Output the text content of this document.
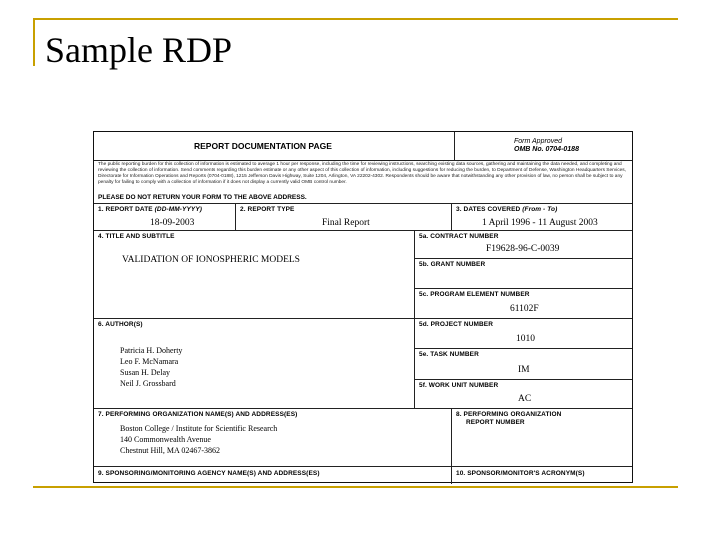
Sample RDP
REPORT DOCUMENTATION PAGE	Form Approved
OMB No. 0704-0188
The public reporting burden for this collection of information is estimated to average 1 hour per response, including the time for reviewing instructions, searching existing data sources, gathering and maintaining the data needed, and completing and reviewing the collection of information. Send comments regarding this burden estimate or any other aspect of this collection of information, including suggestions for reducing the burden, to Department of Defense, Washington Headquarters Services, Directorate for Information Operations and Reports (0704-0188), 1215 Jefferson Davis Highway, Suite 1204, Arlington, VA 22202-4302. Respondents should be aware that notwithstanding any other provision of law, no person shall be subject to any penalty for failing to comply with a collection of information if it does not display a currently valid OMB control number.
PLEASE DO NOT RETURN YOUR FORM TO THE ABOVE ADDRESS.
1. REPORT DATE (DD-MM-YYYY)
18-09-2003
2. REPORT TYPE
Final Report
3. DATES COVERED (From - To)
1 April 1996 - 11 August 2003
4. TITLE AND SUBTITLE
VALIDATION OF IONOSPHERIC MODELS
5a. CONTRACT NUMBER
F19628-96-C-0039
5b. GRANT NUMBER
5c. PROGRAM ELEMENT NUMBER
61102F
6. AUTHOR(S)
Patricia H. Doherty
Leo F. McNamara
Susan H. Delay
Neil J. Grossbard
5d. PROJECT NUMBER
1010
5e. TASK NUMBER
IM
5f. WORK UNIT NUMBER
AC
7. PERFORMING ORGANIZATION NAME(S) AND ADDRESS(ES)
Boston College / Institute for Scientific Research
140 Commonwealth Avenue
Chestnut Hill, MA 02467-3862
8. PERFORMING ORGANIZATION
REPORT NUMBER
9. SPONSORING/MONITORING AGENCY NAME(S) AND ADDRESS(ES)	10. SPONSOR/MONITOR'S ACRONYM(S)
